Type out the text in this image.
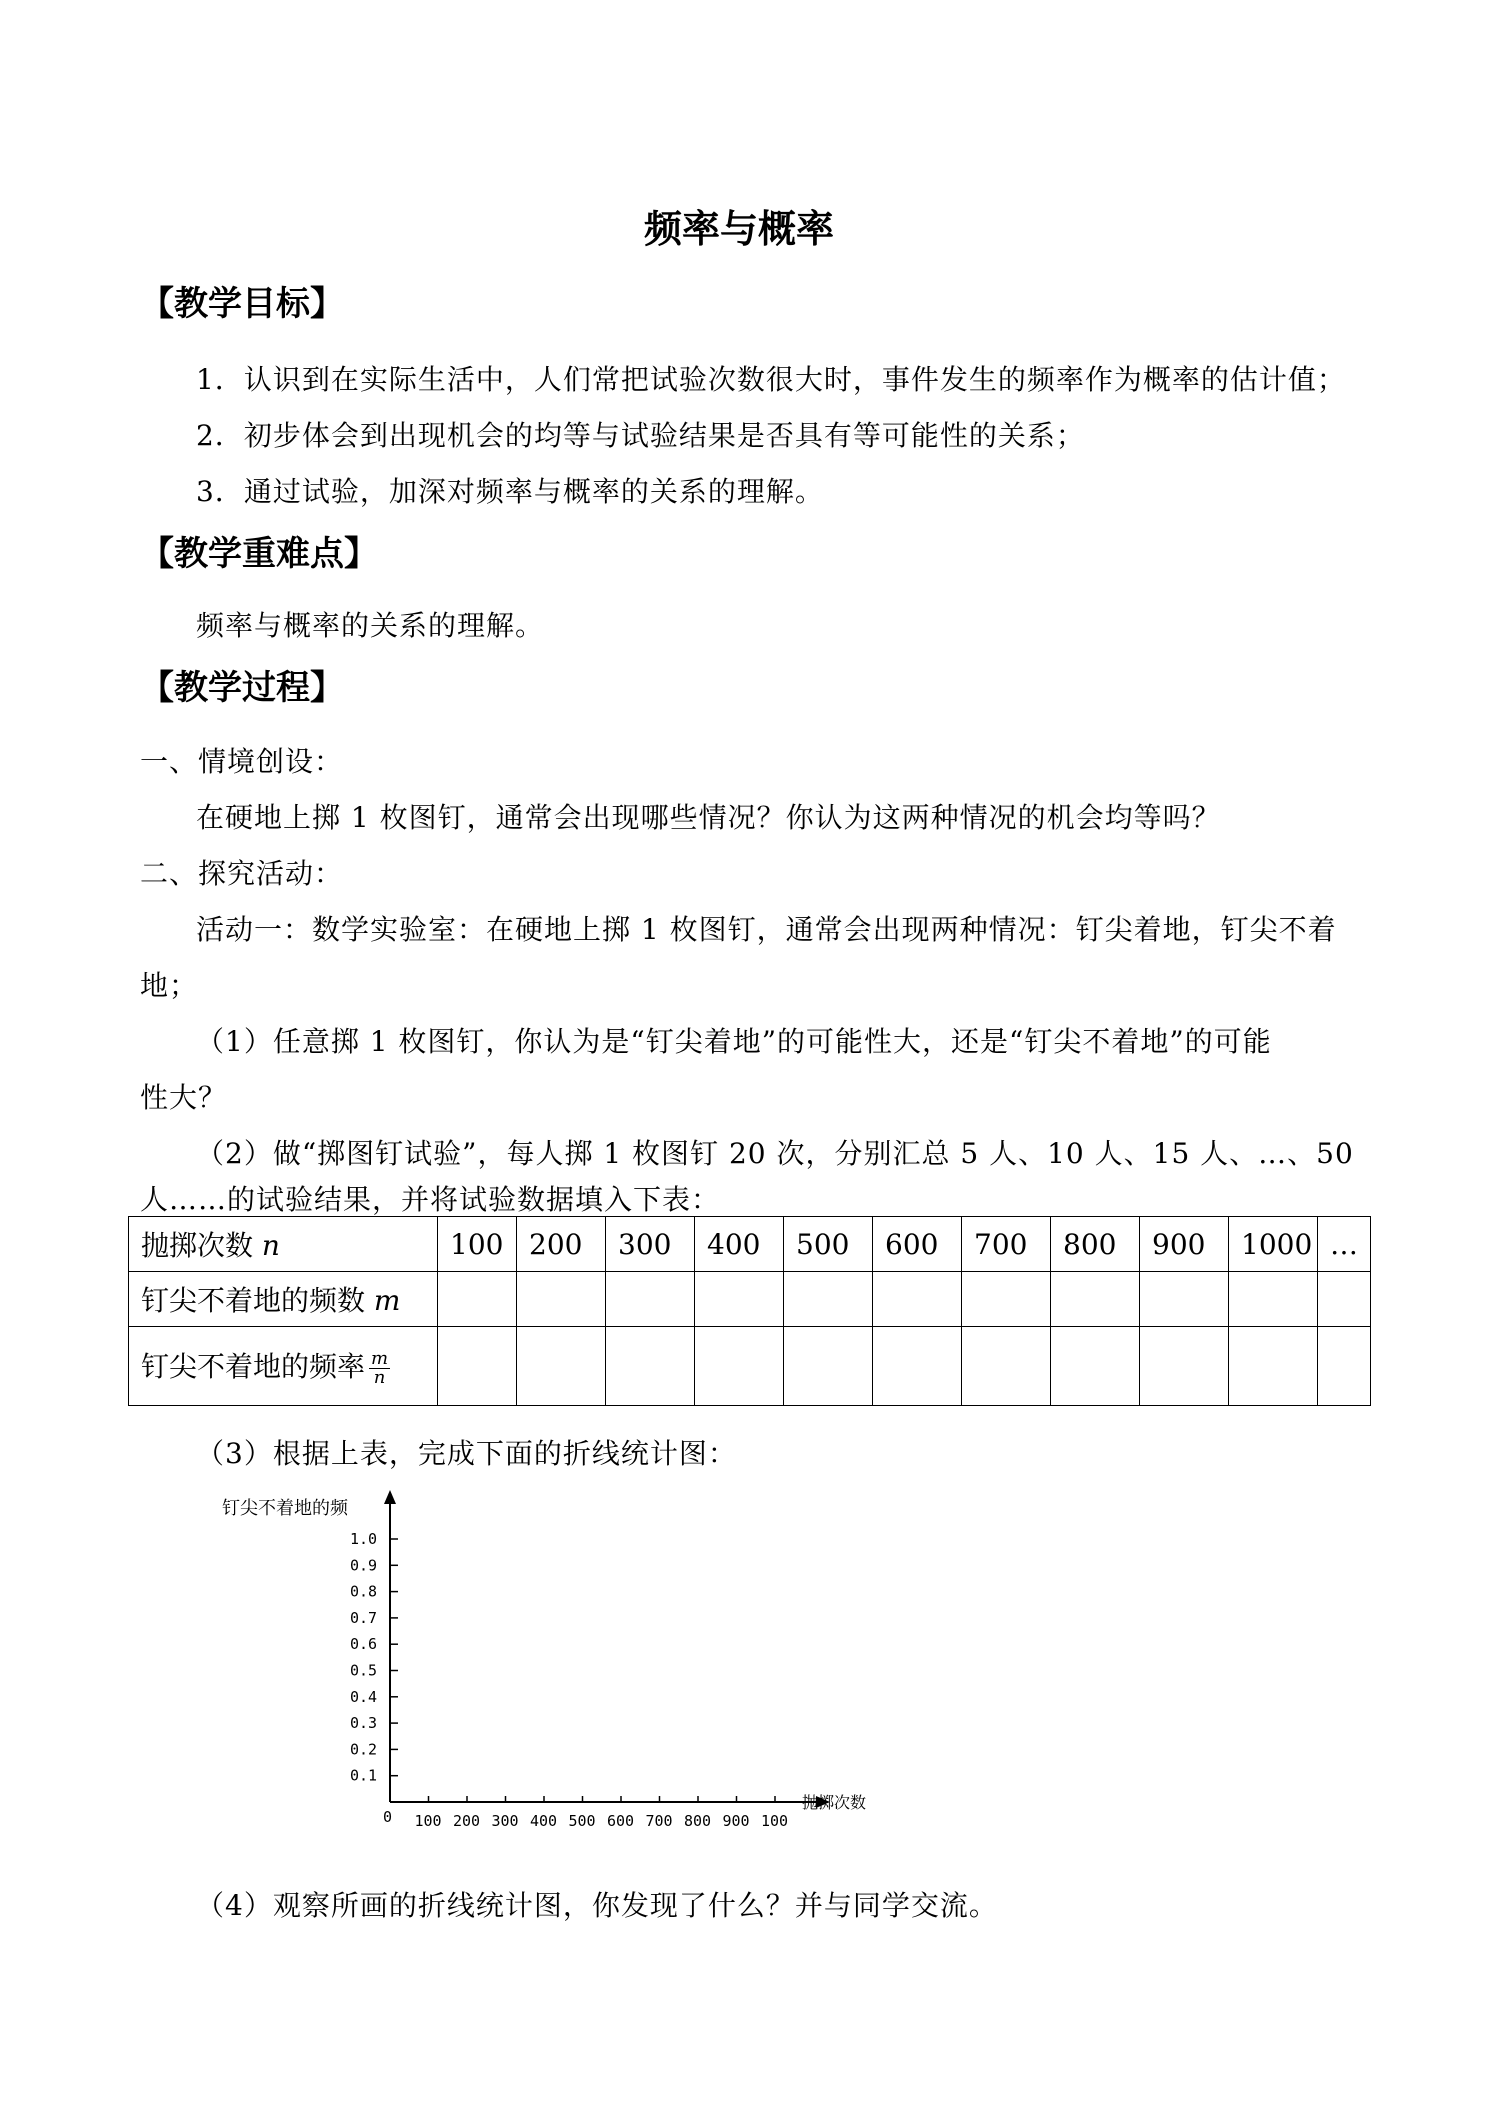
频率与概率
【教学目标】
1．认识到在实际生活中，人们常把试验次数很大时，事件发生的频率作为概率的估计值；
2．初步体会到出现机会的均等与试验结果是否具有等可能性的关系；
3．通过试验，加深对频率与概率的关系的理解。
【教学重难点】
频率与概率的关系的理解。
【教学过程】
一、情境创设：
在硬地上掷 1 枚图钉，通常会出现哪些情况？你认为这两种情况的机会均等吗？
二、探究活动：
活动一：数学实验室：在硬地上掷 1 枚图钉，通常会出现两种情况：钉尖着地，钉尖不着
地；
（1）任意掷 1 枚图钉，你认为是“钉尖着地”的可能性大，还是“钉尖不着地”的可能
性大？
（2）做“掷图钉试验”，每人掷 1 枚图钉 20 次，分别汇总 5 人、10 人、15 人、…、50
人……的试验结果，并将试验数据填入下表：
抛掷次数 n	100	200	300	400	500	600	700	800	900	1000	…
钉尖不着地的频数 m											
钉尖不着地的频率 $\frac{m}{n}$

（3）根据上表，完成下面的折线统计图：
钉尖不着地的频
0
抛掷次数
0.1
0.2
0.3
0.4
0.5
0.6
0.7
0.8
0.9
1.0
100 200 300 400 500 600 700 800 900 100
（4）观察所画的折线统计图，你发现了什么？并与同学交流。
